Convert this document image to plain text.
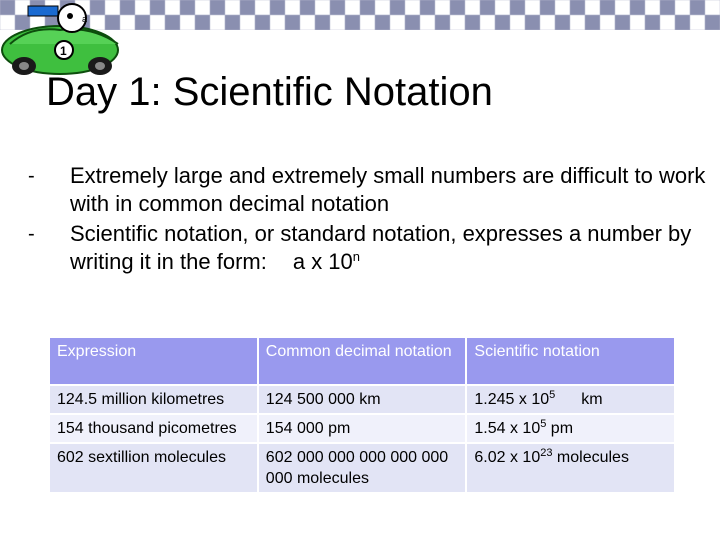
a
1
Day 1: Scientific Notation
- Extremely large and extremely small numbers are difficult to work with in common decimal notation
- Scientific notation, or standard notation, expresses a number by writing it in the form: a x 10$^n$
Expression	Common decimal notation	Scientific notation
124.5 million kilometres	124 500 000 km	1.245 x $10^5$ km
154 thousand picometres	154 000 pm	1.54 x $10^5$ pm
602 sextillion molecules	602 000 000 000 000 000 000 molecules	6.02 x $10^{23}$ molecules
